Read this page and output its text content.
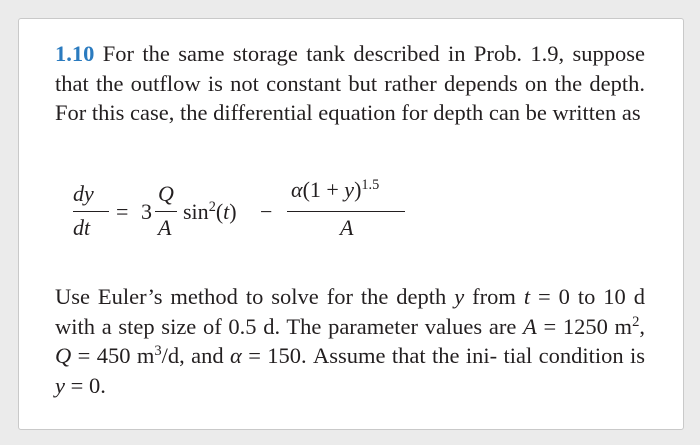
1.10 For the same storage tank described in Prob. 1.9, suppose that the outflow is not constant but rather depends on the depth. For this case, the differential equation for depth can be written as

dy
dt
= 3
Q
A
$\sin^2(t)$ −
$\alpha(1 + y)^{1.5}$
A

Use Euler’s method to solve for the depth y from t = 0 to 10 d with a step size of 0.5 d. The parameter values are A = 1250 $m^2$, Q = 450 $m^3/d$, and α = 150. Assume that the ini- tial condition is y = 0.
